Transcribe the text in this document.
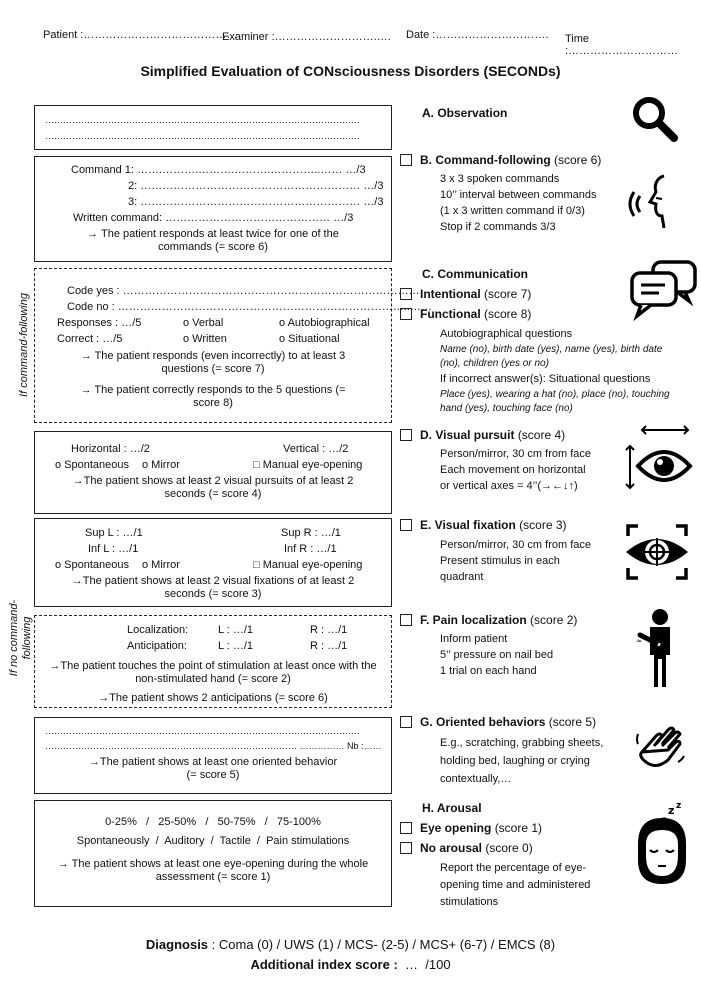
Patient :……………………………………
Examiner :……………………….…. Date :…………………………. Time :…………………………
Simplified Evaluation of CONsciousness Disorders (SECONDs)
If command-following
If no command-following
……………………………………………………………………………………………
……………………………………………………………………………………………
Command 1: …….……….……….……….…………..…… …/3
2: …………………………………………………… …/3
3: …………………………………………………… …/3
Written command: ……………………………………… …/3
→ The patient responds at least twice for one of the commands (= score 6)
Code yes : ………………………………………………………………………
Code no : ……………………………………………………………………..……
Responses : …/5	o Verbal	o Autobiographical
Correct : …/5	o Written	o Situational
→ The patient responds (even incorrectly) to at least 3 questions (= score 7)
→ The patient correctly responds to the 5 questions (= score 8)
Horizontal : …/2	Vertical : …/2
o Spontaneous o Mirror	□ Manual eye-opening
→The patient shows at least 2 visual pursuits of at least 2 seconds (= score 4)
Sup L : …/1	Sup R : …/1
Inf L : …/1	Inf R : …/1
o Spontaneous o Mirror	□ Manual eye-opening
→The patient shows at least 2 visual fixations of at least 2 seconds (= score 3)
Localization:	L : …/1	R : …/1
Anticipation:	L : …/1	R : …/1
→The patient touches the point of stimulation at least once with the non-stimulated hand (= score 2)
→The patient shows 2 anticipations (= score 6)
……………………………………………………………………………………………
………………………………………………………………………… …………… Nb :……
→The patient shows at least one oriented behavior (= score 5)
0-25%   /   25-50%   /   50-75%   /   75-100%
Spontaneously  /  Auditory  /  Tactile  /  Pain stimulations
→ The patient shows at least one eye-opening during the whole assessment (= score 1)
A. Observation
B. Command-following (score 6)
3 x 3 spoken commands
10’’ interval between commands
(1 x 3 written command if 0/3)
Stop if 2 commands 3/3
C. Communication
Intentional (score 7)
Functional (score 8)
Autobiographical questions
Name (no), birth date (yes), name (yes), birth date
(no), children (yes or no)
If incorrect answer(s): Situational questions
Place (yes), wearing a hat (no), place (no), touching
hand (yes), touching face (no)
D. Visual pursuit (score 4)
Person/mirror, 30 cm from face
Each movement on horizontal
or vertical axes = 4’’(→←↓↑)
E. Visual fixation (score 3)
Person/mirror, 30 cm from face
Present stimulus in each
quadrant
F. Pain localization (score 2)
Inform patient
5’’ pressure on nail bed
1 trial on each hand
G. Oriented behaviors (score 5)
E.g., scratching, grabbing sheets,
holding bed, laughing or crying
contextually,…
H. Arousal
Eye opening (score 1)
No arousal (score 0)
Report the percentage of eye-
opening time and administered
stimulations
≈
z z
Diagnosis : Coma (0) / UWS (1) / MCS- (2-5) / MCS+ (6-7) / EMCS (8)
Additional index score :  …  /100
